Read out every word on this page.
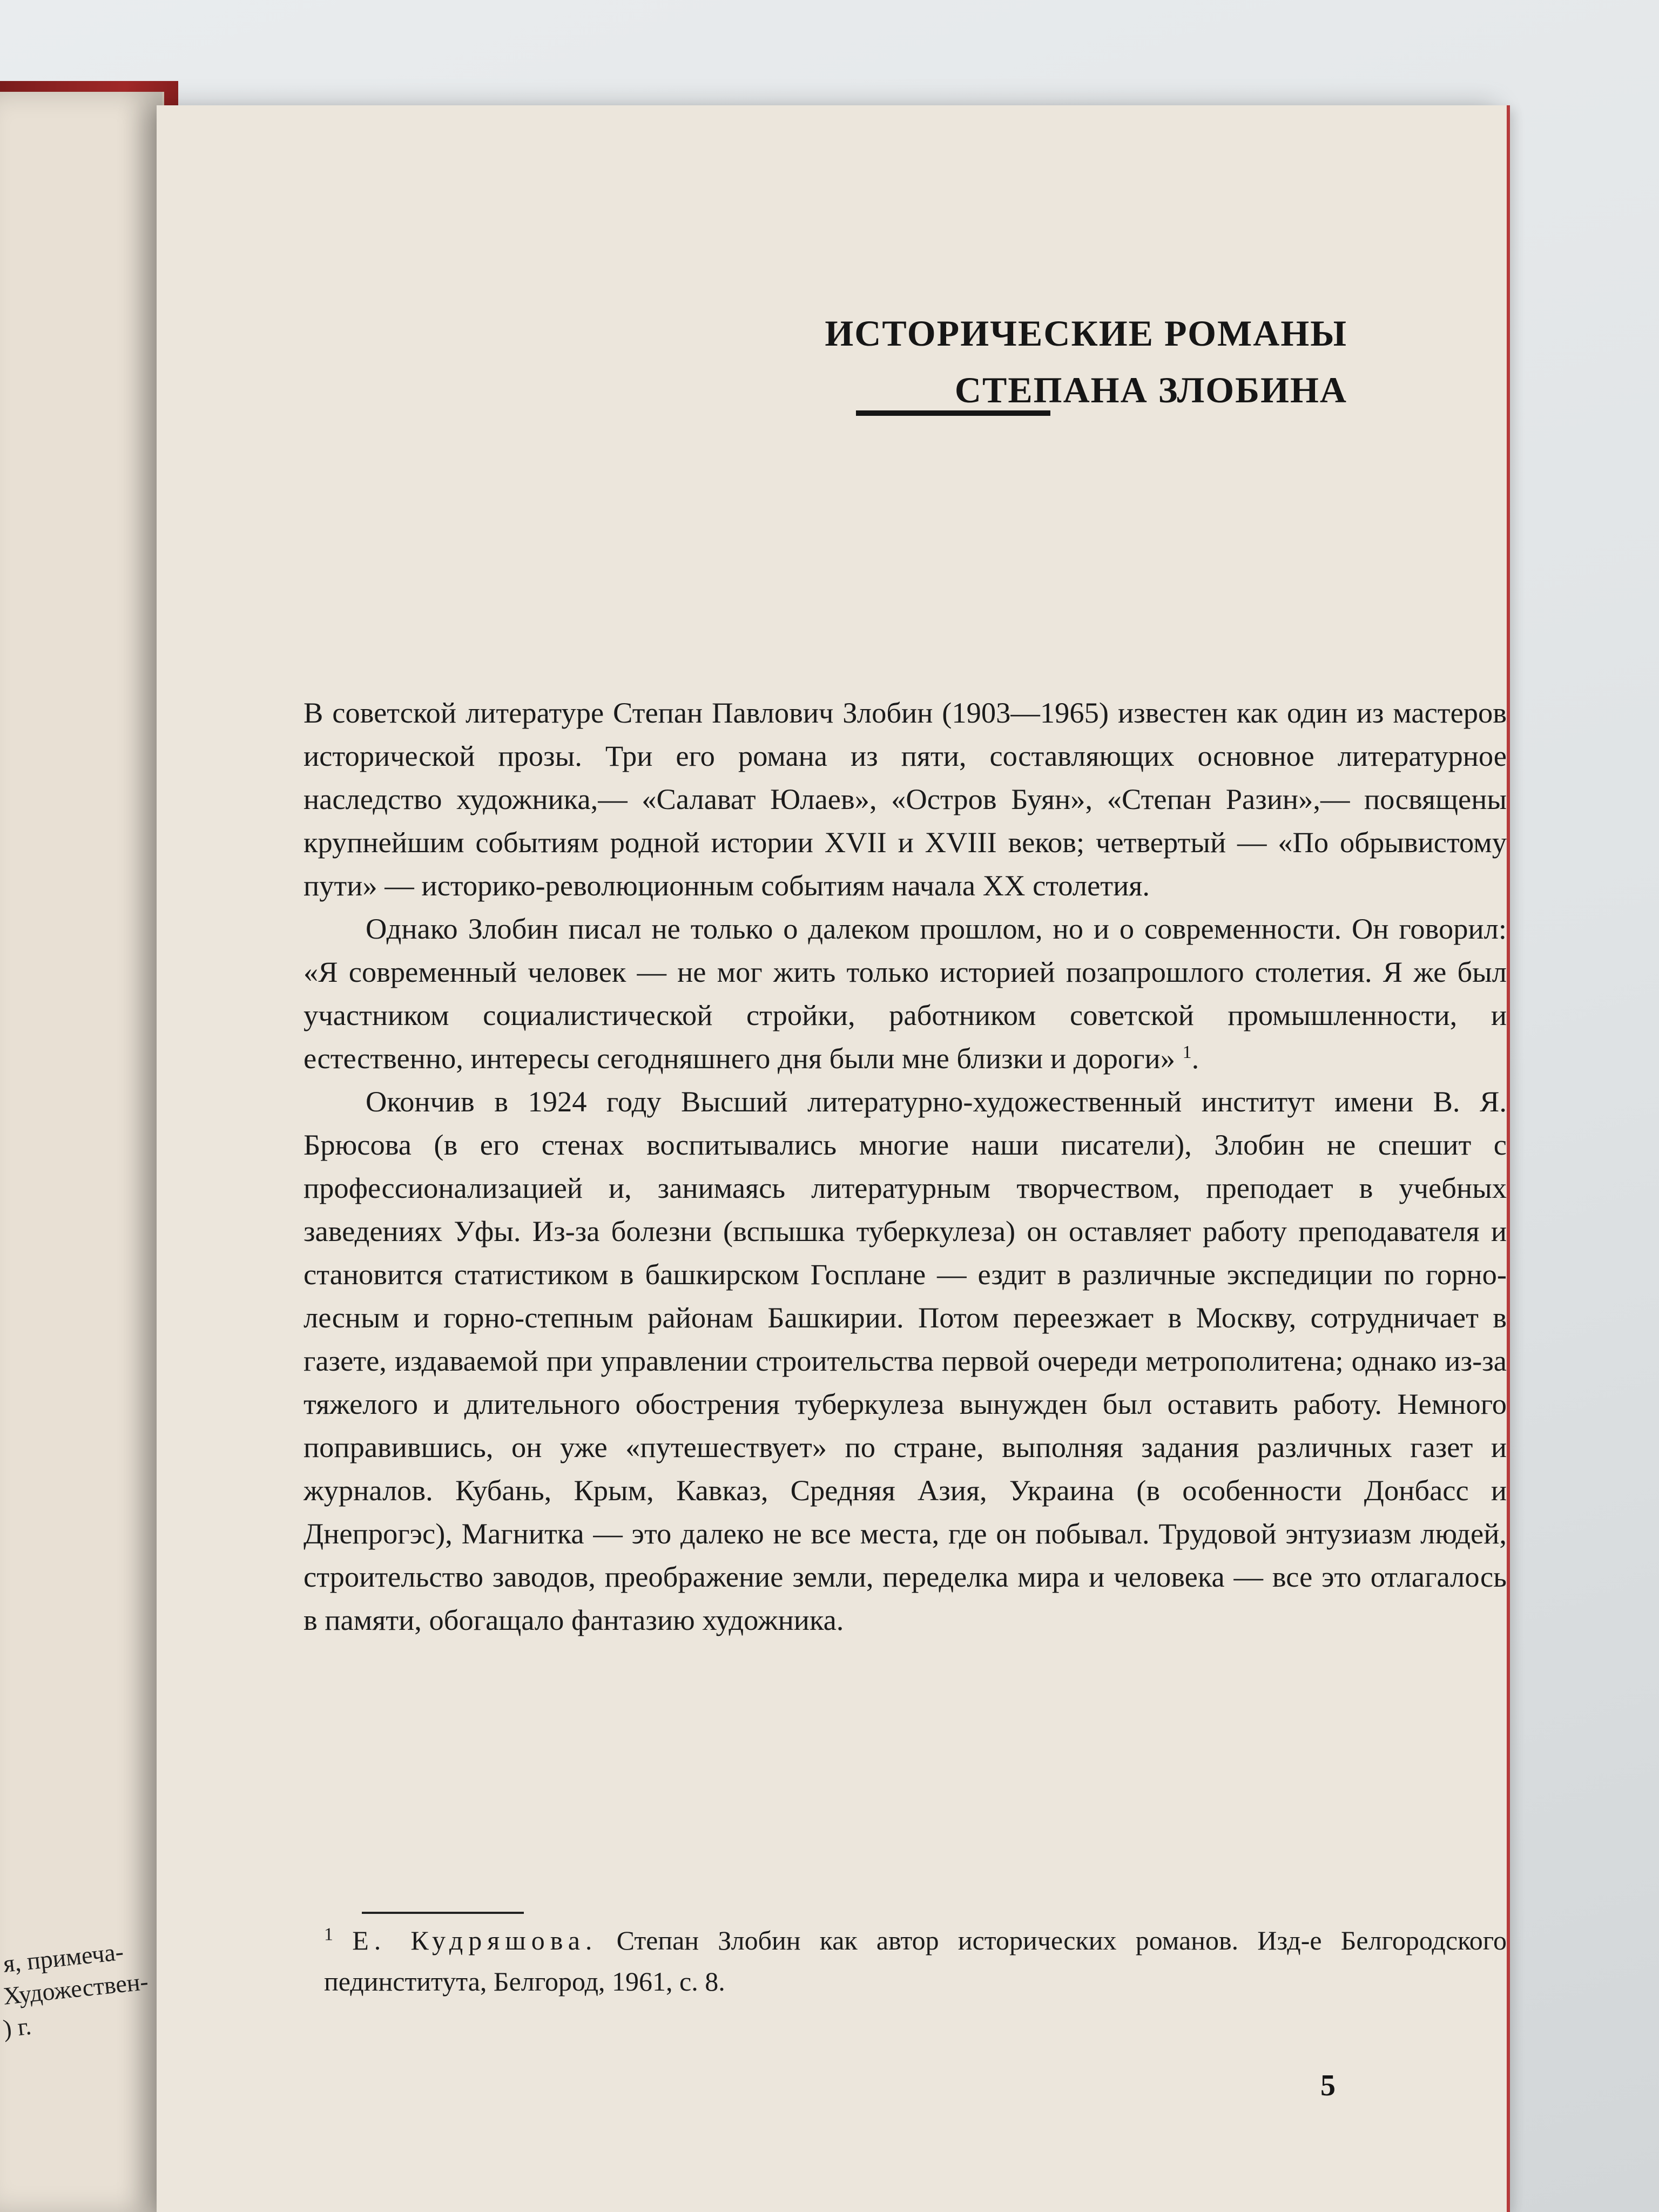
я, примеча-
Художествен-
) г.
ИСТОРИЧЕСКИЕ РОМАНЫ
СТЕПАНА ЗЛОБИНА

В советской литературе Степан Павлович Злобин (1903—1965) известен как один из мастеров исторической прозы. Три его романа из пяти, составляющих основное литературное наследство художника,— «Салават Юлаев», «Остров Буян», «Степан Разин»,— посвящены крупнейшим событиям родной истории XVII и XVIII веков; четвертый — «По обрывистому пути» — историко-революционным событиям начала XX столетия.

Однако Злобин писал не только о далеком прошлом, но и о современности. Он говорил: «Я современный человек — не мог жить только историей позапрошлого столетия. Я же был участником социалистической стройки, работником советской промышленности, и естественно, интересы сегодняшнего дня были мне близки и дороги» $^1$.

Окончив в 1924 году Высший литературно-художественный институт имени В. Я. Брюсова (в его стенах воспитывались многие наши писатели), Злобин не спешит с профессионализацией и, занимаясь литературным творчеством, преподает в учебных заведениях Уфы. Из-за болезни (вспышка туберкулеза) он оставляет работу преподавателя и становится статистиком в башкирском Госплане — ездит в различные экспедиции по горно-лесным и горно-степным районам Башкирии. Потом переезжает в Москву, сотрудничает в газете, издаваемой при управлении строительства первой очереди метрополитена; однако из-за тяжелого и длительного обострения туберкулеза вынужден был оставить работу. Немного поправившись, он уже «путешествует» по стране, выполняя задания различных газет и журналов. Кубань, Крым, Кавказ, Средняя Азия, Украина (в особенности Донбасс и Днепрогэс), Магнитка — это далеко не все места, где он побывал. Трудовой энтузиазм людей, строительство заводов, преображение земли, переделка мира и человека — все это отлагалось в памяти, обогащало фантазию художника.

$^1$ Е. Кудряшова. Степан Злобин как автор исторических романов. Изд-е Белгородского пединститута, Белгород, 1961, с. 8.
5
